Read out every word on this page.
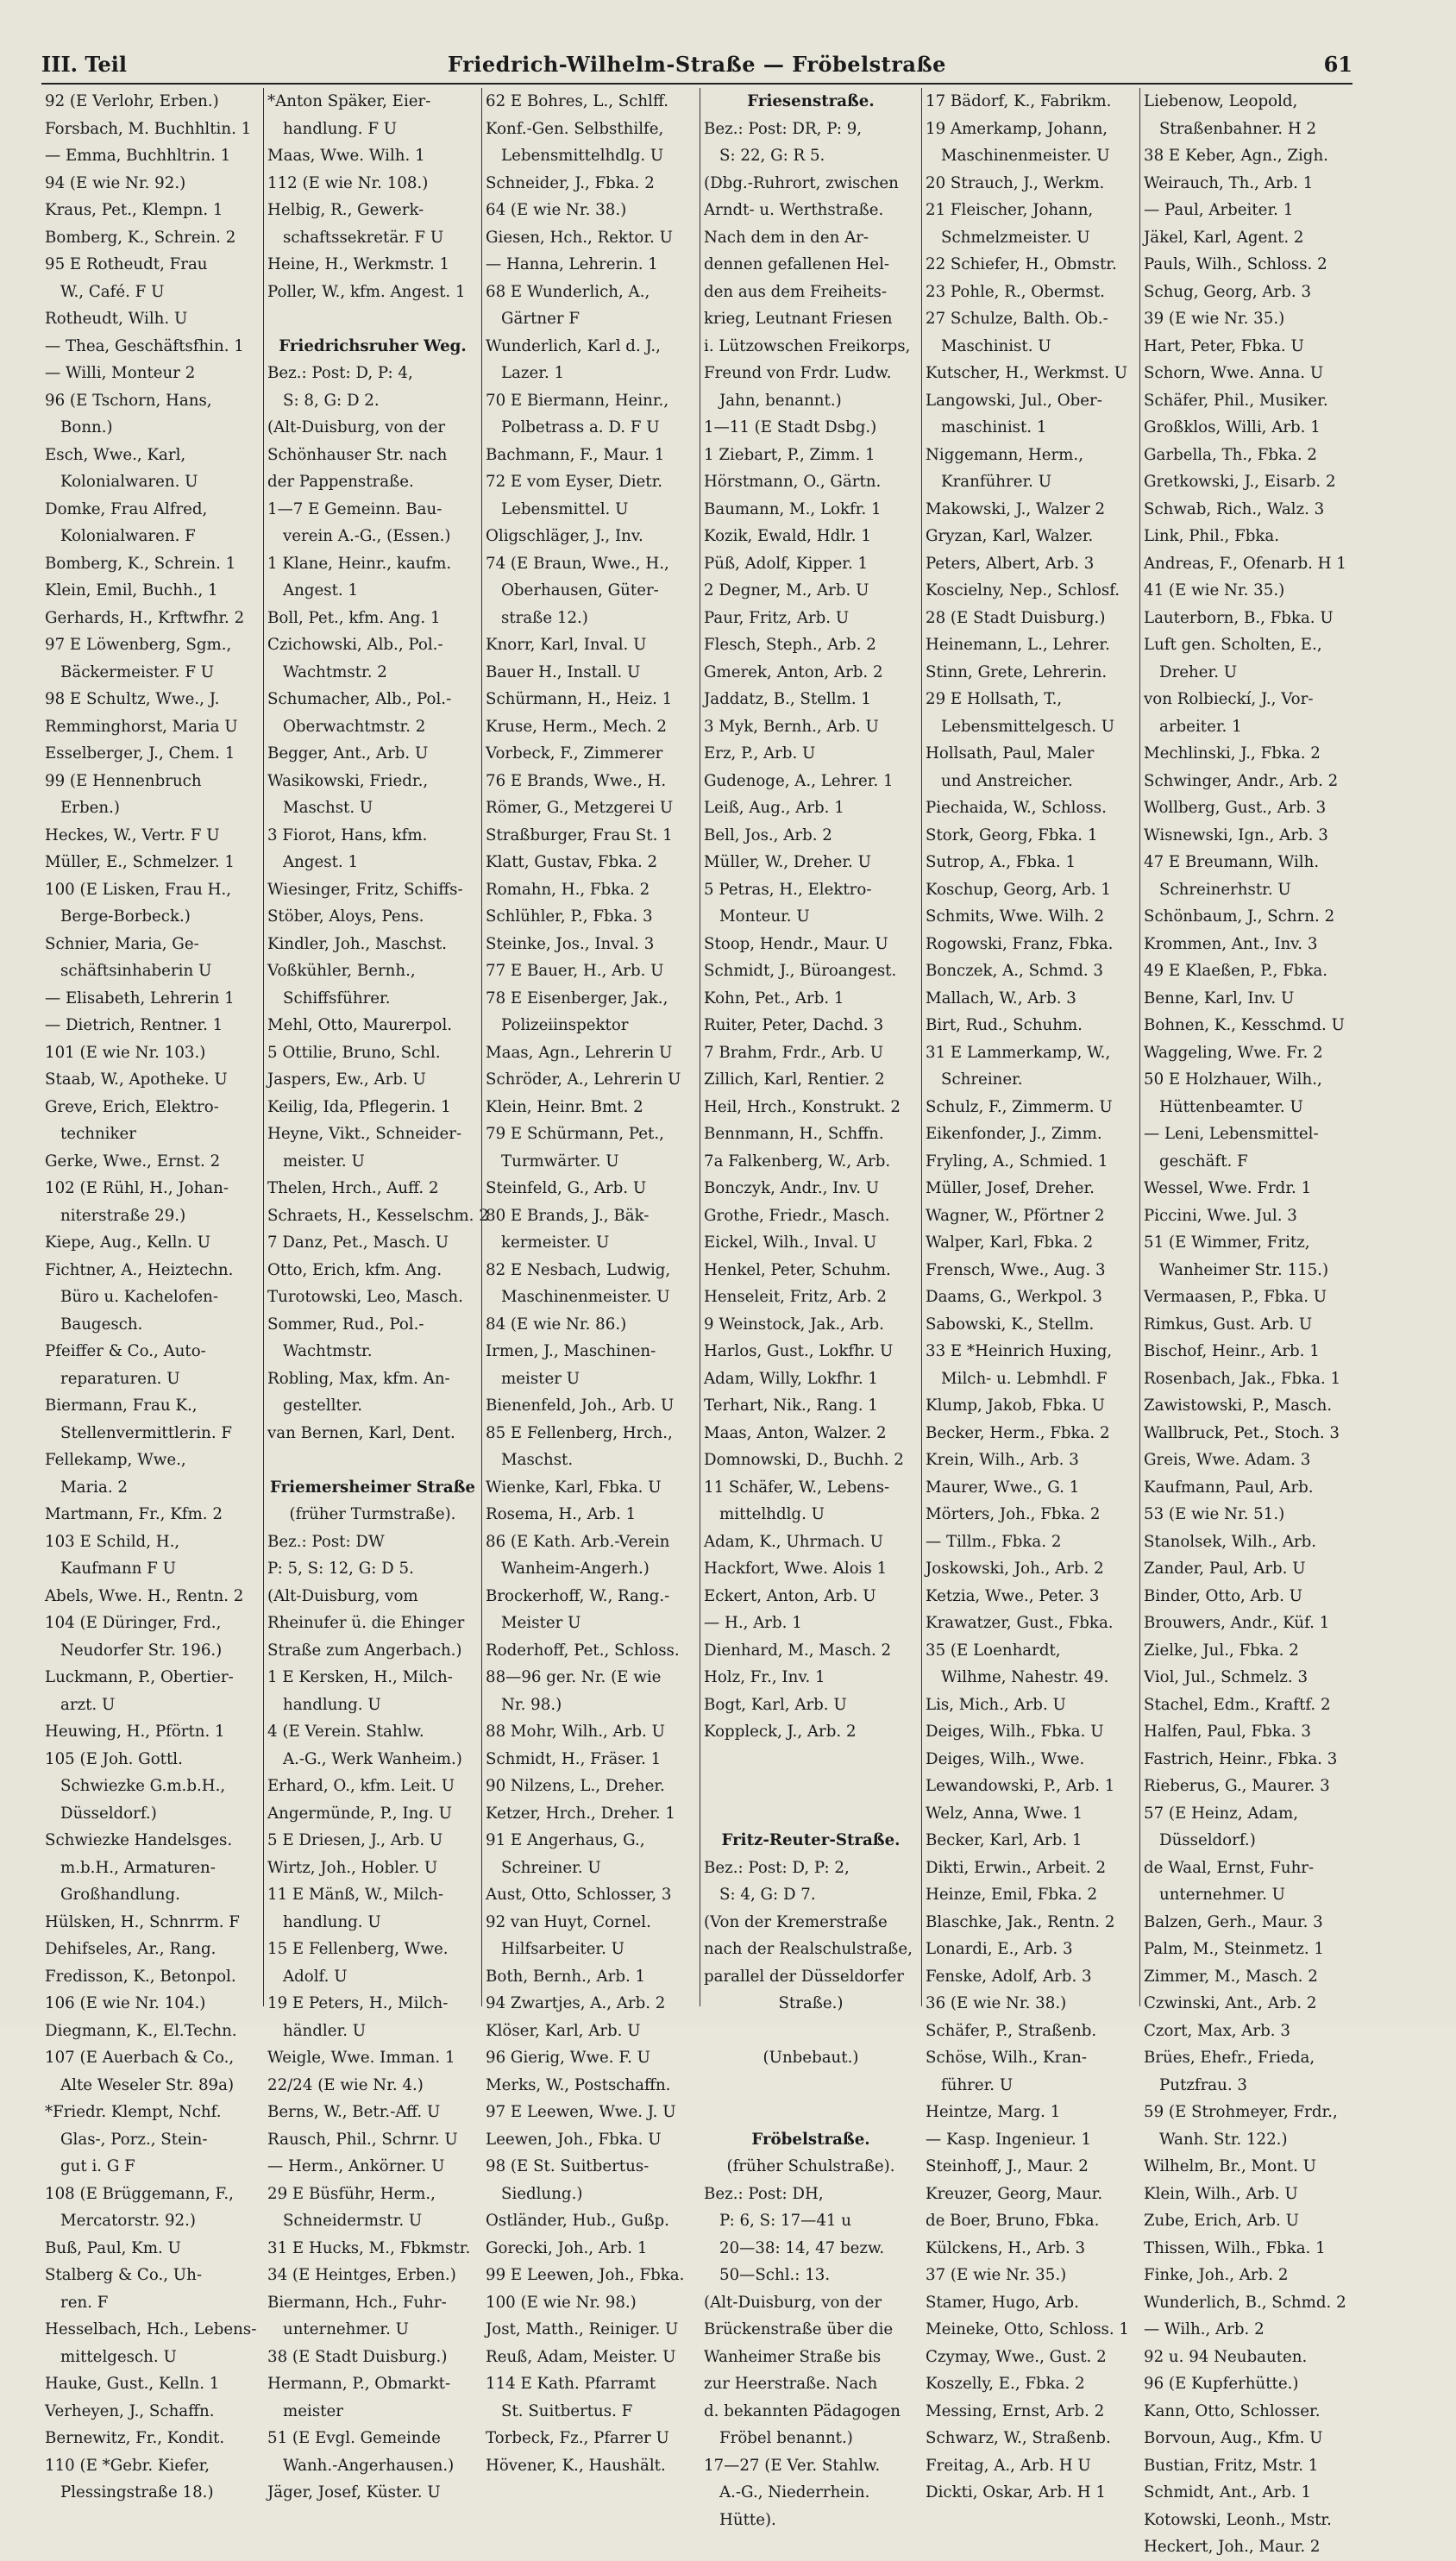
III. Teil	Friedrich-Wilhelm-Straße — Fröbelstraße	61
92 (E Verlohr, Erben.)
Forsbach, M. Buchhltin. 1
— Emma, Buchhltrin. 1
94 (E wie Nr. 92.)
Kraus, Pet., Klempn. 1
Bomberg, K., Schrein. 2
95 E Rotheudt, Frau
W., Café. F U
Rotheudt, Wilh. U
— Thea, Geschäftsfhin. 1
— Willi, Monteur 2
96 (E Tschorn, Hans,
Bonn.)
Esch, Wwe., Karl,
Kolonialwaren. U
Domke, Frau Alfred,
Kolonialwaren. F
Bomberg, K., Schrein. 1
Klein, Emil, Buchh., 1
Gerhards, H., Krftwfhr. 2
97 E Löwenberg, Sgm.,
Bäckermeister. F U
98 E Schultz, Wwe., J.
Remminghorst, Maria U
Esselberger, J., Chem. 1
99 (E Hennenbruch
Erben.)
Heckes, W., Vertr. F U
Müller, E., Schmelzer. 1
100 (E Lisken, Frau H.,
Berge-Borbeck.)
Schnier, Maria, Ge-
schäftsinhaberin U
— Elisabeth, Lehrerin 1
— Dietrich, Rentner. 1
101 (E wie Nr. 103.)
Staab, W., Apotheke. U
Greve, Erich, Elektro-
techniker
Gerke, Wwe., Ernst. 2
102 (E Rühl, H., Johan-
niterstraße 29.)
Kiepe, Aug., Kelln. U
Fichtner, A., Heiztechn.
Büro u. Kachelofen-
Baugesch.
Pfeiffer & Co., Auto-
reparaturen. U
Biermann, Frau K.,
Stellenvermittlerin. F
Fellekamp, Wwe.,
Maria. 2
Martmann, Fr., Kfm. 2
103 E Schild, H.,
Kaufmann F U
Abels, Wwe. H., Rentn. 2
104 (E Düringer, Frd.,
Neudorfer Str. 196.)
Luckmann, P., Obertier-
arzt. U
Heuwing, H., Pförtn. 1
105 (E Joh. Gottl.
Schwiezke G.m.b.H.,
Düsseldorf.)
Schwiezke Handelsges.
m.b.H., Armaturen-
Großhandlung.
Hülsken, H., Schnrrm. F
Dehifseles, Ar., Rang.
Fredisson, K., Betonpol.
106 (E wie Nr. 104.)
Diegmann, K., El.Techn.
107 (E Auerbach & Co.,
Alte Weseler Str. 89a)
*Friedr. Klempt, Nchf.
Glas-, Porz., Stein-
gut i. G F
108 (E Brüggemann, F.,
Mercatorstr. 92.)
Buß, Paul, Km. U
Stalberg & Co., Uh-
ren. F
Hesselbach, Hch., Lebens-
mittelgesch. U
Hauke, Gust., Kelln. 1
Verheyen, J., Schaffn.
Bernewitz, Fr., Kondit.
110 (E *Gebr. Kiefer,
Plessingstraße 18.)
*Anton Späker, Eier-
handlung. F U
Maas, Wwe. Wilh. 1
112 (E wie Nr. 108.)
Helbig, R., Gewerk-
schaftssekretär. F U
Heine, H., Werkmstr. 1
Poller, W., kfm. Angest. 1
Friedrichsruher Weg.
Bez.: Post: D, P: 4,
S: 8, G: D 2.
(Alt-Duisburg, von der
Schönhauser Str. nach
der Pappenstraße.
1—7 E Gemeinn. Bau-
verein A.-G., (Essen.)
1 Klane, Heinr., kaufm.
Angest. 1
Boll, Pet., kfm. Ang. 1
Czichowski, Alb., Pol.-
Wachtmstr. 2
Schumacher, Alb., Pol.-
Oberwachtmstr. 2
Begger, Ant., Arb. U
Wasikowski, Friedr.,
Maschst. U
3 Fiorot, Hans, kfm.
Angest. 1
Wiesinger, Fritz, Schiffs-
Stöber, Aloys, Pens.
Kindler, Joh., Maschst.
Voßkühler, Bernh.,
Schiffsführer.
Mehl, Otto, Maurerpol.
5 Ottilie, Bruno, Schl.
Jaspers, Ew., Arb. U
Keilig, Ida, Pflegerin. 1
Heyne, Vikt., Schneider-
meister. U
Thelen, Hrch., Auff. 2
Schraets, H., Kesselschm. 2
7 Danz, Pet., Masch. U
Otto, Erich, kfm. Ang.
Turotowski, Leo, Masch.
Sommer, Rud., Pol.-
Wachtmstr.
Robling, Max, kfm. An-
gestellter.
van Bernen, Karl, Dent.
Friemersheimer Straße
(früher Turmstraße).
Bez.: Post: DW
P: 5, S: 12, G: D 5.
(Alt-Duisburg, vom
Rheinufer ü. die Ehinger
Straße zum Angerbach.)
1 E Kersken, H., Milch-
handlung. U
4 (E Verein. Stahlw.
A.-G., Werk Wanheim.)
Erhard, O., kfm. Leit. U
Angermünde, P., Ing. U
5 E Driesen, J., Arb. U
Wirtz, Joh., Hobler. U
11 E Mänß, W., Milch-
handlung. U
15 E Fellenberg, Wwe.
Adolf. U
19 E Peters, H., Milch-
händler. U
Weigle, Wwe. Imman. 1
22/24 (E wie Nr. 4.)
Berns, W., Betr.-Aff. U
Rausch, Phil., Schrnr. U
— Herm., Ankörner. U
29 E Büsführ, Herm.,
Schneidermstr. U
31 E Hucks, M., Fbkmstr.
34 (E Heintges, Erben.)
Biermann, Hch., Fuhr-
unternehmer. U
38 (E Stadt Duisburg.)
Hermann, P., Obmarkt-
meister
51 (E Evgl. Gemeinde
Wanh.-Angerhausen.)
Jäger, Josef, Küster. U
62 E Bohres, L., Schlff.
Konf.-Gen. Selbsthilfe,
Lebensmittelhdlg. U
Schneider, J., Fbka. 2
64 (E wie Nr. 38.)
Giesen, Hch., Rektor. U
— Hanna, Lehrerin. 1
68 E Wunderlich, A.,
Gärtner F
Wunderlich, Karl d. J.,
Lazer. 1
70 E Biermann, Heinr.,
Polbetrass a. D. F U
Bachmann, F., Maur. 1
72 E vom Eyser, Dietr.
Lebensmittel. U
Oligschläger, J., Inv.
74 (E Braun, Wwe., H.,
Oberhausen, Güter-
straße 12.)
Knorr, Karl, Inval. U
Bauer H., Install. U
Schürmann, H., Heiz. 1
Kruse, Herm., Mech. 2
Vorbeck, F., Zimmerer
76 E Brands, Wwe., H.
Römer, G., Metzgerei U
Straßburger, Frau St. 1
Klatt, Gustav, Fbka. 2
Romahn, H., Fbka. 2
Schlühler, P., Fbka. 3
Steinke, Jos., Inval. 3
77 E Bauer, H., Arb. U
78 E Eisenberger, Jak.,
Polizeiinspektor
Maas, Agn., Lehrerin U
Schröder, A., Lehrerin U
Klein, Heinr. Bmt. 2
79 E Schürmann, Pet.,
Turmwärter. U
Steinfeld, G., Arb. U
80 E Brands, J., Bäk-
kermeister. U
82 E Nesbach, Ludwig,
Maschinenmeister. U
84 (E wie Nr. 86.)
Irmen, J., Maschinen-
meister U
Bienenfeld, Joh., Arb. U
85 E Fellenberg, Hrch.,
Maschst.
Wienke, Karl, Fbka. U
Rosema, H., Arb. 1
86 (E Kath. Arb.-Verein
Wanheim-Angerh.)
Brockerhoff, W., Rang.-
Meister U
Roderhoff, Pet., Schloss.
88—96 ger. Nr. (E wie
Nr. 98.)
88 Mohr, Wilh., Arb. U
Schmidt, H., Fräser. 1
90 Nilzens, L., Dreher.
Ketzer, Hrch., Dreher. 1
91 E Angerhaus, G.,
Schreiner. U
Aust, Otto, Schlosser, 3
92 van Huyt, Cornel.
Hilfsarbeiter. U
Both, Bernh., Arb. 1
94 Zwartjes, A., Arb. 2
Klöser, Karl, Arb. U
96 Gierig, Wwe. F. U
Merks, W., Postschaffn.
97 E Leewen, Wwe. J. U
Leewen, Joh., Fbka. U
98 (E St. Suitbertus-
Siedlung.)
Ostländer, Hub., Gußp.
Gorecki, Joh., Arb. 1
99 E Leewen, Joh., Fbka.
100 (E wie Nr. 98.)
Jost, Matth., Reiniger. U
Reuß, Adam, Meister. U
114 E Kath. Pfarramt
St. Suitbertus. F
Torbeck, Fz., Pfarrer U
Hövener, K., Haushält.
Friesenstraße.
Bez.: Post: DR, P: 9,
S: 22, G: R 5.
(Dbg.-Ruhrort, zwischen
Arndt- u. Werthstraße.
Nach dem in den Ar-
dennen gefallenen Hel-
den aus dem Freiheits-
krieg, Leutnant Friesen
i. Lützowschen Freikorps,
Freund von Frdr. Ludw.
Jahn, benannt.)
1—11 (E Stadt Dsbg.)
1 Ziebart, P., Zimm. 1
Hörstmann, O., Gärtn.
Baumann, M., Lokfr. 1
Kozik, Ewald, Hdlr. 1
Püß, Adolf, Kipper. 1
2 Degner, M., Arb. U
Paur, Fritz, Arb. U
Flesch, Steph., Arb. 2
Gmerek, Anton, Arb. 2
Jaddatz, B., Stellm. 1
3 Myk, Bernh., Arb. U
Erz, P., Arb. U
Gudenoge, A., Lehrer. 1
Leiß, Aug., Arb. 1
Bell, Jos., Arb. 2
Müller, W., Dreher. U
5 Petras, H., Elektro-
Monteur. U
Stoop, Hendr., Maur. U
Schmidt, J., Büroangest.
Kohn, Pet., Arb. 1
Ruiter, Peter, Dachd. 3
7 Brahm, Frdr., Arb. U
Zillich, Karl, Rentier. 2
Heil, Hrch., Konstrukt. 2
Bennmann, H., Schffn.
7a Falkenberg, W., Arb.
Bonczyk, Andr., Inv. U
Grothe, Friedr., Masch.
Eickel, Wilh., Inval. U
Henkel, Peter, Schuhm.
Henseleit, Fritz, Arb. 2
9 Weinstock, Jak., Arb.
Harlos, Gust., Lokfhr. U
Adam, Willy, Lokfhr. 1
Terhart, Nik., Rang. 1
Maas, Anton, Walzer. 2
Domnowski, D., Buchh. 2
11 Schäfer, W., Lebens-
mittelhdlg. U
Adam, K., Uhrmach. U
Hackfort, Wwe. Alois 1
Eckert, Anton, Arb. U
— H., Arb. 1
Dienhard, M., Masch. 2
Holz, Fr., Inv. 1
Bogt, Karl, Arb. U
Koppleck, J., Arb. 2
Fritz-Reuter-Straße.
Bez.: Post: D, P: 2,
S: 4, G: D 7.
(Von der Kremerstraße
nach der Realschulstraße,
parallel der Düsseldorfer
Straße.)
(Unbebaut.)
Fröbelstraße.
(früher Schulstraße).
Bez.: Post: DH,
P: 6, S: 17—41 u
20—38: 14, 47 bezw.
50—Schl.: 13.
(Alt-Duisburg, von der
Brückenstraße über die
Wanheimer Straße bis
zur Heerstraße. Nach
d. bekannten Pädagogen
Fröbel benannt.)
17—27 (E Ver. Stahlw.
A.-G., Niederrhein.
Hütte).
17 Bädorf, K., Fabrikm.
19 Amerkamp, Johann,
Maschinenmeister. U
20 Strauch, J., Werkm.
21 Fleischer, Johann,
Schmelzmeister. U
22 Schiefer, H., Obmstr.
23 Pohle, R., Obermst.
27 Schulze, Balth. Ob.-
Maschinist. U
Kutscher, H., Werkmst. U
Langowski, Jul., Ober-
maschinist. 1
Niggemann, Herm.,
Kranführer. U
Makowski, J., Walzer 2
Gryzan, Karl, Walzer.
Peters, Albert, Arb. 3
Koscielny, Nep., Schlosf.
28 (E Stadt Duisburg.)
Heinemann, L., Lehrer.
Stinn, Grete, Lehrerin.
29 E Hollsath, T.,
Lebensmittelgesch. U
Hollsath, Paul, Maler
und Anstreicher.
Piechaida, W., Schloss.
Stork, Georg, Fbka. 1
Sutrop, A., Fbka. 1
Koschup, Georg, Arb. 1
Schmits, Wwe. Wilh. 2
Rogowski, Franz, Fbka.
Bonczek, A., Schmd. 3
Mallach, W., Arb. 3
Birt, Rud., Schuhm.
31 E Lammerkamp, W.,
Schreiner.
Schulz, F., Zimmerm. U
Eikenfonder, J., Zimm.
Fryling, A., Schmied. 1
Müller, Josef, Dreher.
Wagner, W., Pförtner 2
Walper, Karl, Fbka. 2
Frensch, Wwe., Aug. 3
Daams, G., Werkpol. 3
Sabowski, K., Stellm.
33 E *Heinrich Huxing,
Milch- u. Lebmhdl. F
Klump, Jakob, Fbka. U
Becker, Herm., Fbka. 2
Krein, Wilh., Arb. 3
Maurer, Wwe., G. 1
Mörters, Joh., Fbka. 2
— Tillm., Fbka. 2
Joskowski, Joh., Arb. 2
Ketzia, Wwe., Peter. 3
Krawatzer, Gust., Fbka.
35 (E Loenhardt,
Wilhme, Nahestr. 49.
Lis, Mich., Arb. U
Deiges, Wilh., Fbka. U
Deiges, Wilh., Wwe.
Lewandowski, P., Arb. 1
Welz, Anna, Wwe. 1
Becker, Karl, Arb. 1
Dikti, Erwin., Arbeit. 2
Heinze, Emil, Fbka. 2
Blaschke, Jak., Rentn. 2
Lonardi, E., Arb. 3
Fenske, Adolf, Arb. 3
36 (E wie Nr. 38.)
Schäfer, P., Straßenb.
Schöse, Wilh., Kran-
führer. U
Heintze, Marg. 1
— Kasp. Ingenieur. 1
Steinhoff, J., Maur. 2
Kreuzer, Georg, Maur.
de Boer, Bruno, Fbka.
Külckens, H., Arb. 3
37 (E wie Nr. 35.)
Stamer, Hugo, Arb.
Meineke, Otto, Schloss. 1
Czymay, Wwe., Gust. 2
Koszelly, E., Fbka. 2
Messing, Ernst, Arb. 2
Schwarz, W., Straßenb.
Freitag, A., Arb. H U
Dickti, Oskar, Arb. H 1
Liebenow, Leopold,
Straßenbahner. H 2
38 E Keber, Agn., Zigh.
Weirauch, Th., Arb. 1
— Paul, Arbeiter. 1
Jäkel, Karl, Agent. 2
Pauls, Wilh., Schloss. 2
Schug, Georg, Arb. 3
39 (E wie Nr. 35.)
Hart, Peter, Fbka. U
Schorn, Wwe. Anna. U
Schäfer, Phil., Musiker.
Großklos, Willi, Arb. 1
Garbella, Th., Fbka. 2
Gretkowski, J., Eisarb. 2
Schwab, Rich., Walz. 3
Link, Phil., Fbka.
Andreas, F., Ofenarb. H 1
41 (E wie Nr. 35.)
Lauterborn, B., Fbka. U
Luft gen. Scholten, E.,
Dreher. U
von Rolbieckí, J., Vor-
arbeiter. 1
Mechlinski, J., Fbka. 2
Schwinger, Andr., Arb. 2
Wollberg, Gust., Arb. 3
Wisnewski, Ign., Arb. 3
47 E Breumann, Wilh.
Schreinerhstr. U
Schönbaum, J., Schrn. 2
Krommen, Ant., Inv. 3
49 E Klaeßen, P., Fbka.
Benne, Karl, Inv. U
Bohnen, K., Kesschmd. U
Waggeling, Wwe. Fr. 2
50 E Holzhauer, Wilh.,
Hüttenbeamter. U
— Leni, Lebensmittel-
geschäft. F
Wessel, Wwe. Frdr. 1
Piccini, Wwe. Jul. 3
51 (E Wimmer, Fritz,
Wanheimer Str. 115.)
Vermaasen, P., Fbka. U
Rimkus, Gust. Arb. U
Bischof, Heinr., Arb. 1
Rosenbach, Jak., Fbka. 1
Zawistowski, P., Masch.
Wallbruck, Pet., Stoch. 3
Greis, Wwe. Adam. 3
Kaufmann, Paul, Arb.
53 (E wie Nr. 51.)
Stanolsek, Wilh., Arb.
Zander, Paul, Arb. U
Binder, Otto, Arb. U
Brouwers, Andr., Küf. 1
Zielke, Jul., Fbka. 2
Viol, Jul., Schmelz. 3
Stachel, Edm., Kraftf. 2
Halfen, Paul, Fbka. 3
Fastrich, Heinr., Fbka. 3
Rieberus, G., Maurer. 3
57 (E Heinz, Adam,
Düsseldorf.)
de Waal, Ernst, Fuhr-
unternehmer. U
Balzen, Gerh., Maur. 3
Palm, M., Steinmetz. 1
Zimmer, M., Masch. 2
Czwinski, Ant., Arb. 2
Czort, Max, Arb. 3
Brües, Ehefr., Frieda,
Putzfrau. 3
59 (E Strohmeyer, Frdr.,
Wanh. Str. 122.)
Wilhelm, Br., Mont. U
Klein, Wilh., Arb. U
Zube, Erich, Arb. U
Thissen, Wilh., Fbka. 1
Finke, Joh., Arb. 2
Wunderlich, B., Schmd. 2
— Wilh., Arb. 2
92 u. 94 Neubauten.
96 (E Kupferhütte.)
Kann, Otto, Schlosser.
Borvoun, Aug., Kfm. U
Bustian, Fritz, Mstr. 1
Schmidt, Ant., Arb. 1
Kotowski, Leonh., Mstr.
Heckert, Joh., Maur. 2
